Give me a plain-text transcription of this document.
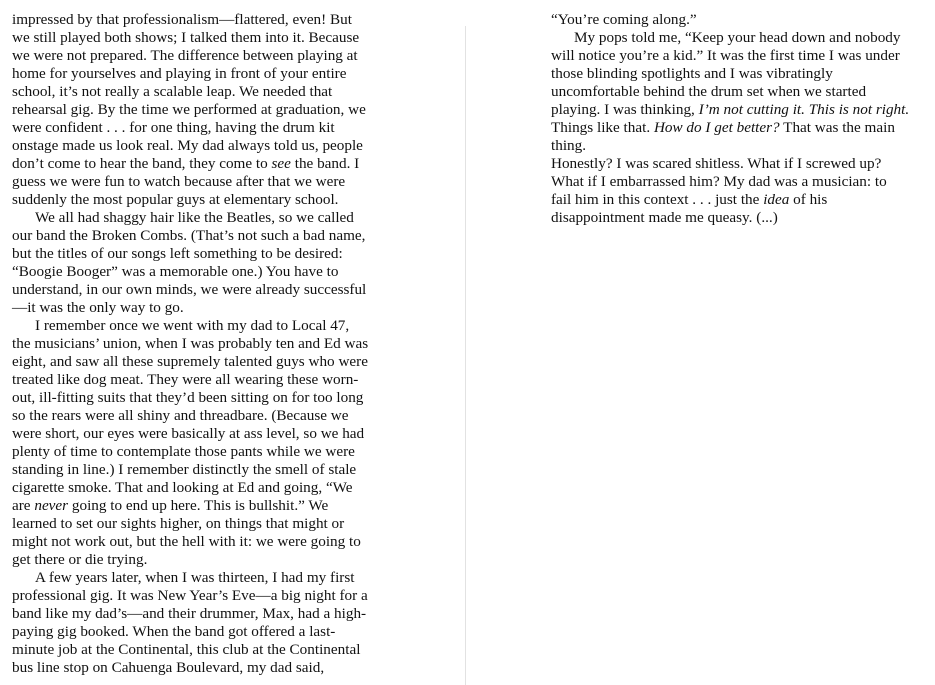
impressed by that professionalism—flattered, even! But
we still played both shows; I talked them into it. Because
we were not prepared. The difference between playing at
home for yourselves and playing in front of your entire
school, it’s not really a scalable leap. We needed that
rehearsal gig. By the time we performed at graduation, we
were confident . . . for one thing, having the drum kit
onstage made us look real. My dad always told us, people
don’t come to hear the band, they come to see the band. I
guess we were fun to watch because after that we were
suddenly the most popular guys at elementary school.
We all had shaggy hair like the Beatles, so we called
our band the Broken Combs. (That’s not such a bad name,
but the titles of our songs left something to be desired:
“Boogie Booger” was a memorable one.) You have to
understand, in our own minds, we were already successful
—it was the only way to go.
I remember once we went with my dad to Local 47,
the musicians’ union, when I was probably ten and Ed was
eight, and saw all these supremely talented guys who were
treated like dog meat. They were all wearing these worn-
out, ill-fitting suits that they’d been sitting on for too long
so the rears were all shiny and threadbare. (Because we
were short, our eyes were basically at ass level, so we had
plenty of time to contemplate those pants while we were
standing in line.) I remember distinctly the smell of stale
cigarette smoke. That and looking at Ed and going, “We
are never going to end up here. This is bullshit.” We
learned to set our sights higher, on things that might or
might not work out, but the hell with it: we were going to
get there or die trying.
A few years later, when I was thirteen, I had my first
professional gig. It was New Year’s Eve—a big night for a
band like my dad’s—and their drummer, Max, had a high-
paying gig booked. When the band got offered a last-
minute job at the Continental, this club at the Continental
bus line stop on Cahuenga Boulevard, my dad said,
“You’re coming along.”
My pops told me, “Keep your head down and nobody
will notice you’re a kid.” It was the first time I was under
those blinding spotlights and I was vibratingly
uncomfortable behind the drum set when we started
playing. I was thinking, I’m not cutting it. This is not right.
Things like that. How do I get better? That was the main
thing.
Honestly? I was scared shitless. What if I screwed up?
What if I embarrassed him? My dad was a musician: to
fail him in this context . . . just the idea of his
disappointment made me queasy. (...)
